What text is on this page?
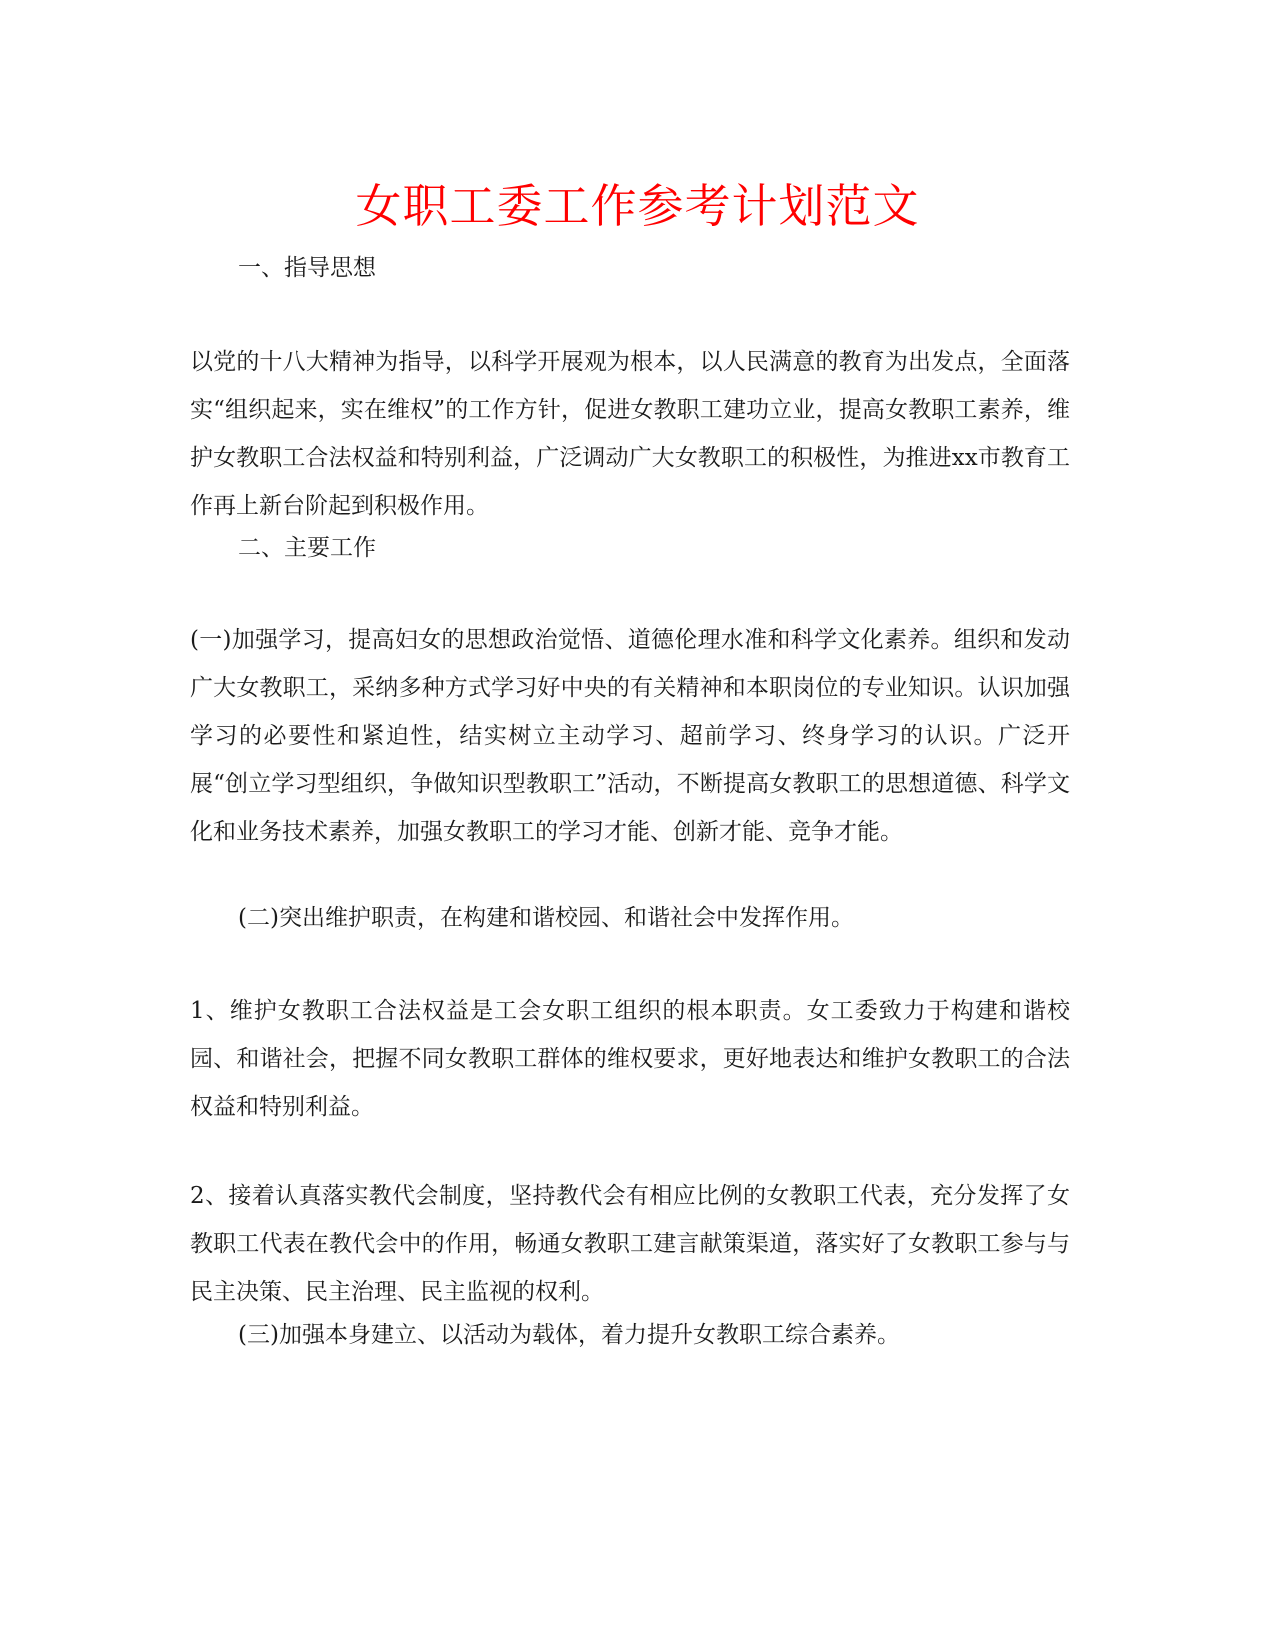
女职工委工作参考计划范文
一、指导思想
以党的十八大精神为指导，以科学开展观为根本，以人民满意的教育为出发点，全面落实“组织起来，实在维权”的工作方针，促进女教职工建功立业，提高女教职工素养，维护女教职工合法权益和特别利益，广泛调动广大女教职工的积极性，为推进xx市教育工作再上新台阶起到积极作用。
二、主要工作
(一)加强学习，提高妇女的思想政治觉悟、道德伦理水准和科学文化素养。组织和发动广大女教职工，采纳多种方式学习好中央的有关精神和本职岗位的专业知识。认识加强学习的必要性和紧迫性，结实树立主动学习、超前学习、终身学习的认识。广泛开展“创立学习型组织，争做知识型教职工”活动，不断提高女教职工的思想道德、科学文化和业务技术素养，加强女教职工的学习才能、创新才能、竞争才能。
(二)突出维护职责，在构建和谐校园、和谐社会中发挥作用。
1、维护女教职工合法权益是工会女职工组织的根本职责。女工委致力于构建和谐校园、和谐社会，把握不同女教职工群体的维权要求，更好地表达和维护女教职工的合法权益和特别利益。
2、接着认真落实教代会制度，坚持教代会有相应比例的女教职工代表，充分发挥了女教职工代表在教代会中的作用，畅通女教职工建言献策渠道，落实好了女教职工参与与民主决策、民主治理、民主监视的权利。
(三)加强本身建立、以活动为载体，着力提升女教职工综合素养。
